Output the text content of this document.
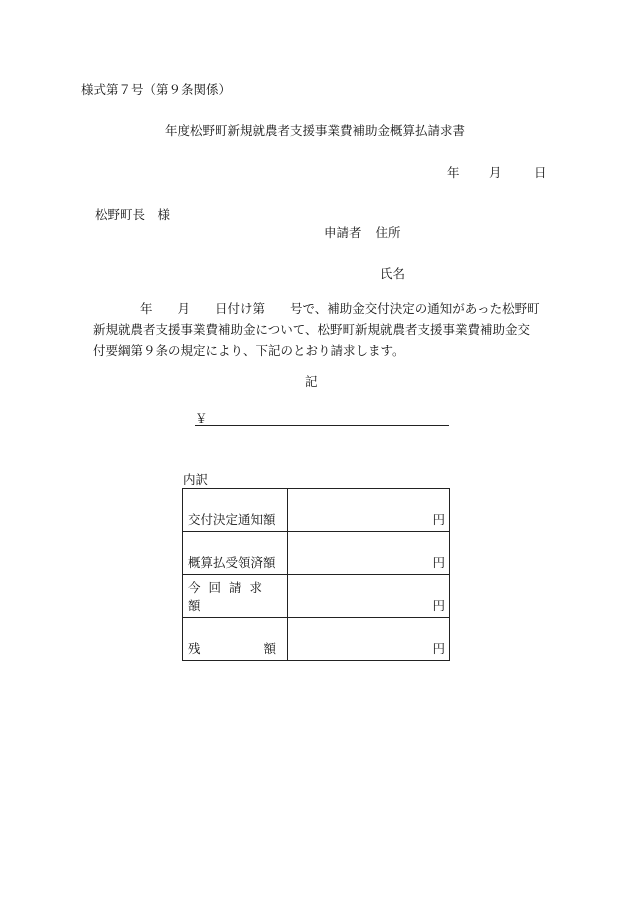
様式第７号（第９条関係）
年度松野町新規就農者支援事業費補助金概算払請求書
年	月	日
松野町長　様
申請者 住所
氏名
年　　月　　日付け第　　号で、補助金交付決定の通知があった松野町
新規就農者支援事業費補助金について、松野町新規就農者支援事業費補助金交
付要綱第９条の規定により、下記のとおり請求します。
記
￥
内訳
交付決定通知額	円
概算払受領済額	円
今回請求額	円

残 額	円
